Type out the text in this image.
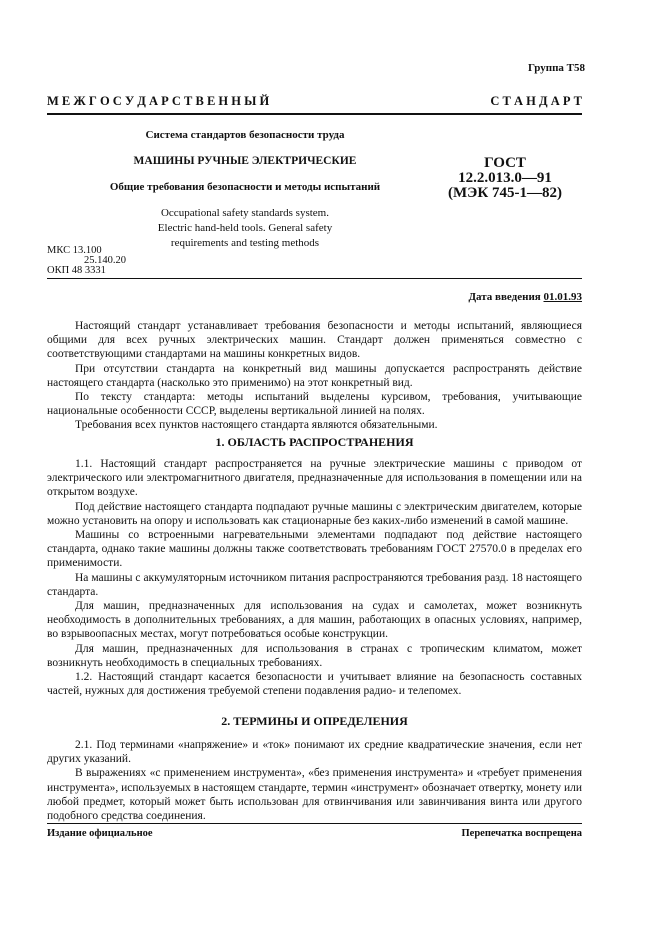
Группа Т58
М Е Ж Г О С У Д А Р С Т В Е Н Н Ы Й	С Т А Н Д А Р Т
Система стандартов безопасности труда
МАШИНЫ РУЧНЫЕ ЭЛЕКТРИЧЕСКИЕ
Общие требования безопасности и методы испытаний
Occupational safety standards system.
Electric hand-held tools. General safety
requirements and testing methods
ГОСТ
12.2.013.0—91
(МЭК 745-1—82)
МКС 13.100
25.140.20
ОКП 48 3331
Дата введения 01.01.93

Настоящий стандарт устанавливает требования безопасности и методы испытаний, являющиеся общими для всех ручных электрических машин. Стандарт должен применяться совместно с соответствующими стандартами на машины конкретных видов.

При отсутствии стандарта на конкретный вид машины допускается распространять действие настоящего стандарта (насколько это применимо) на этот конкретный вид.

По тексту стандарта: методы испытаний выделены курсивом, требования, учитывающие национальные особенности СССР, выделены вертикальной линией на полях.

Требования всех пунктов настоящего стандарта являются обязательными.

1. ОБЛАСТЬ РАСПРОСТРАНЕНИЯ

1.1. Настоящий стандарт распространяется на ручные электрические машины с приводом от электрического или электромагнитного двигателя, предназначенные для использования в помещении или на открытом воздухе.

Под действие настоящего стандарта подпадают ручные машины с электрическим двигателем, которые можно установить на опору и использовать как стационарные без каких-либо изменений в самой машине.

Машины со встроенными нагревательными элементами подпадают под действие настоящего стандарта, однако такие машины должны также соответствовать требованиям ГОСТ 27570.0 в пределах его применимости.

На машины с аккумуляторным источником питания распространяются требования разд. 18 настоящего стандарта.

Для машин, предназначенных для использования на судах и самолетах, может возникнуть необходимость в дополнительных требованиях, а для машин, работающих в опасных условиях, например, во взрывоопасных местах, могут потребоваться особые конструкции.

Для машин, предназначенных для использования в странах с тропическим климатом, может возникнуть необходимость в специальных требованиях.

1.2. Настоящий стандарт касается безопасности и учитывает влияние на безопасность составных частей, нужных для достижения требуемой степени подавления радио- и телепомех.

2. ТЕРМИНЫ И ОПРЕДЕЛЕНИЯ

2.1. Под терминами «напряжение» и «ток» понимают их средние квадратические значения, если нет других указаний.

В выражениях «с применением инструмента», «без применения инструмента» и «требует применения инструмента», используемых в настоящем стандарте, термин «инструмент» обозначает отвертку, монету или любой предмет, который может быть использован для отвинчивания или завинчивания винта или другого подобного средства соединения.

Издание официальное	Перепечатка воспрещена
